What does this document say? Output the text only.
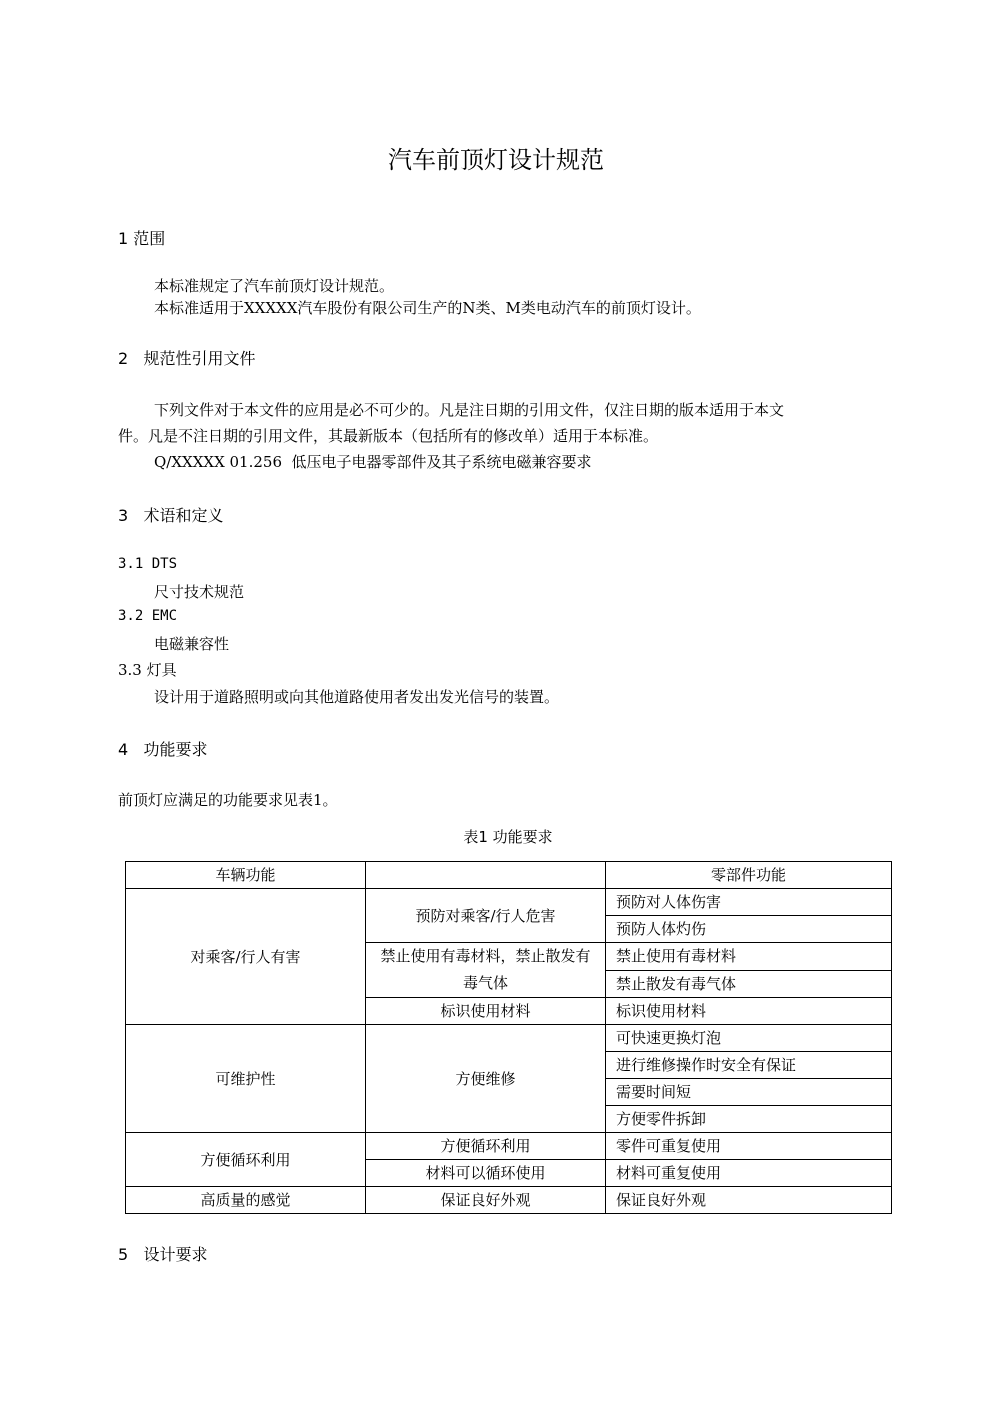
汽车前顶灯设计规范
1 范围
本标准规定了汽车前顶灯设计规范。
本标准适用于XXXXX汽车股份有限公司生产的N类、M类电动汽车的前顶灯设计。
2   规范性引用文件
下列文件对于本文件的应用是必不可少的。凡是注日期的引用文件，仅注日期的版本适用于本文
件。凡是不注日期的引用文件，其最新版本（包括所有的修改单）适用于本标准。
Q/XXXXX 01.256  低压电子电器零部件及其子系统电磁兼容要求
3   术语和定义
3.1 DTS
尺寸技术规范
3.2 EMC
电磁兼容性
3.3 灯具
设计用于道路照明或向其他道路使用者发出发光信号的装置。
4   功能要求
前顶灯应满足的功能要求见表1。
表1 功能要求
车辆功能		零部件功能
对乘客/行人有害	预防对乘客/行人危害	预防对人体伤害
		预防人体灼伤
	禁止使用有毒材料，禁止散发有毒气体	禁止使用有毒材料
		禁止散发有毒气体
	标识使用材料	标识使用材料
可维护性	方便维修	可快速更换灯泡
		进行维修操作时安全有保证
		需要时间短
		方便零件拆卸
方便循环利用	方便循环利用	零件可重复使用
	材料可以循环使用	材料可重复使用
高质量的感觉	保证良好外观	保证良好外观
5   设计要求
